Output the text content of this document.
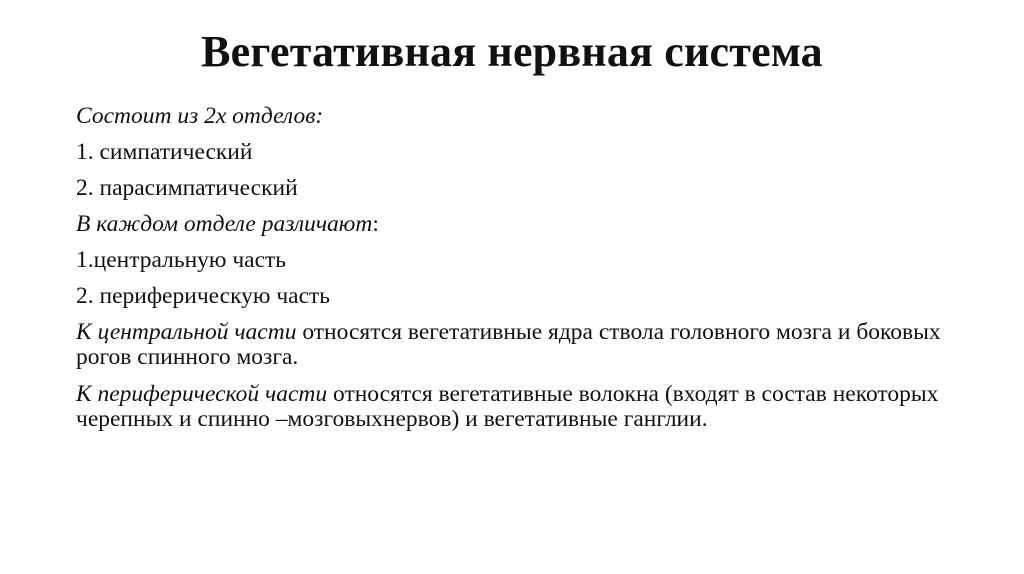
Вегетативная нервная система
Состоит из 2х отделов:
1. симпатический
2. парасимпатический
В каждом отделе различают:
1.центральную часть
2. периферическую часть
К центральной части относятся вегетативные ядра ствола головного мозга и боковых рогов спинного мозга.
К периферической части относятся вегетативные волокна (входят в состав некоторых черепных и спинно –мозговыхнервов) и вегетативные ганглии.
